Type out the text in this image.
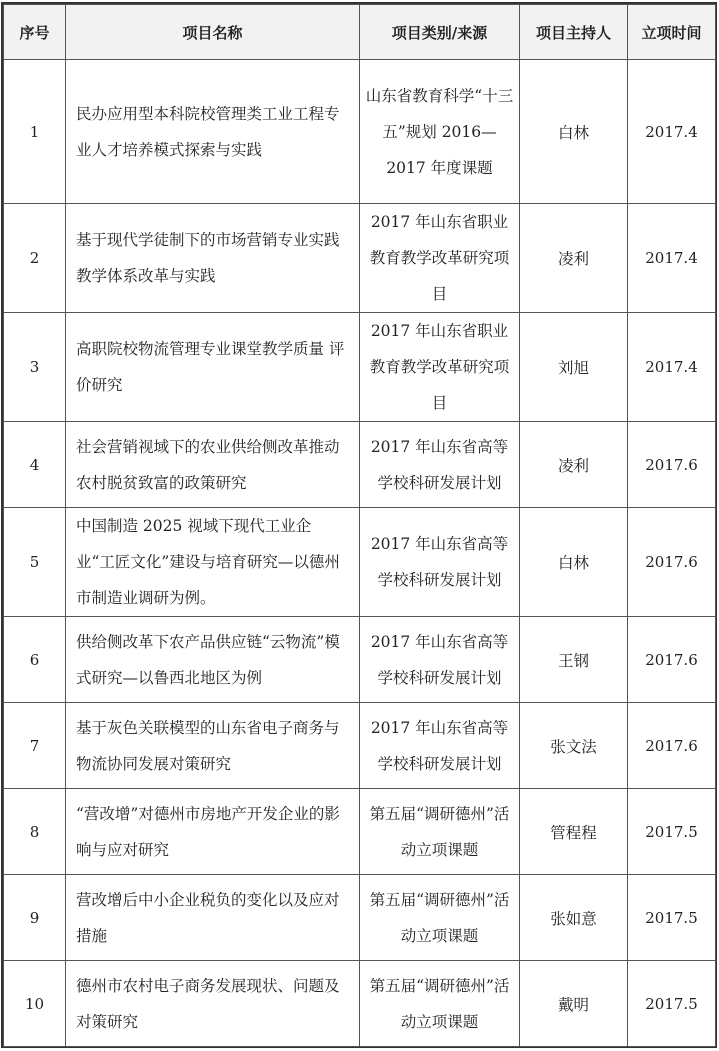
序号	项目名称	项目类别/来源	项目主持人	立项时间
1	民办应用型本科院校管理类工业工程专业人才培养模式探索与实践	山东省教育科学“十三五”规划 2016—2017 年度课题	白林	2017.4
2	基于现代学徒制下的市场营销专业实践教学体系改革与实践	2017 年山东省职业教育教学改革研究项目	凌利	2017.4
3	高职院校物流管理专业课堂教学质量 评价研究	2017 年山东省职业教育教学改革研究项目	刘旭	2017.4
4	社会营销视域下的农业供给侧改革推动农村脱贫致富的政策研究	2017 年山东省高等学校科研发展计划	凌利	2017.6
5	中国制造 2025 视域下现代工业企业“工匠文化”建设与培育研究—以德州市制造业调研为例。	2017 年山东省高等学校科研发展计划	白林	2017.6
6	供给侧改革下农产品供应链“云物流”模式研究—以鲁西北地区为例	2017 年山东省高等学校科研发展计划	王钢	2017.6
7	基于灰色关联模型的山东省电子商务与物流协同发展对策研究	2017 年山东省高等学校科研发展计划	张文法	2017.6
8	“营改增”对德州市房地产开发企业的影响与应对研究	第五届“调研德州”活动立项课题	管程程	2017.5
9	营改增后中小企业税负的变化以及应对措施	第五届“调研德州”活动立项课题	张如意	2017.5
10	德州市农村电子商务发展现状、问题及对策研究	第五届“调研德州”活动立项课题	戴明	2017.5
